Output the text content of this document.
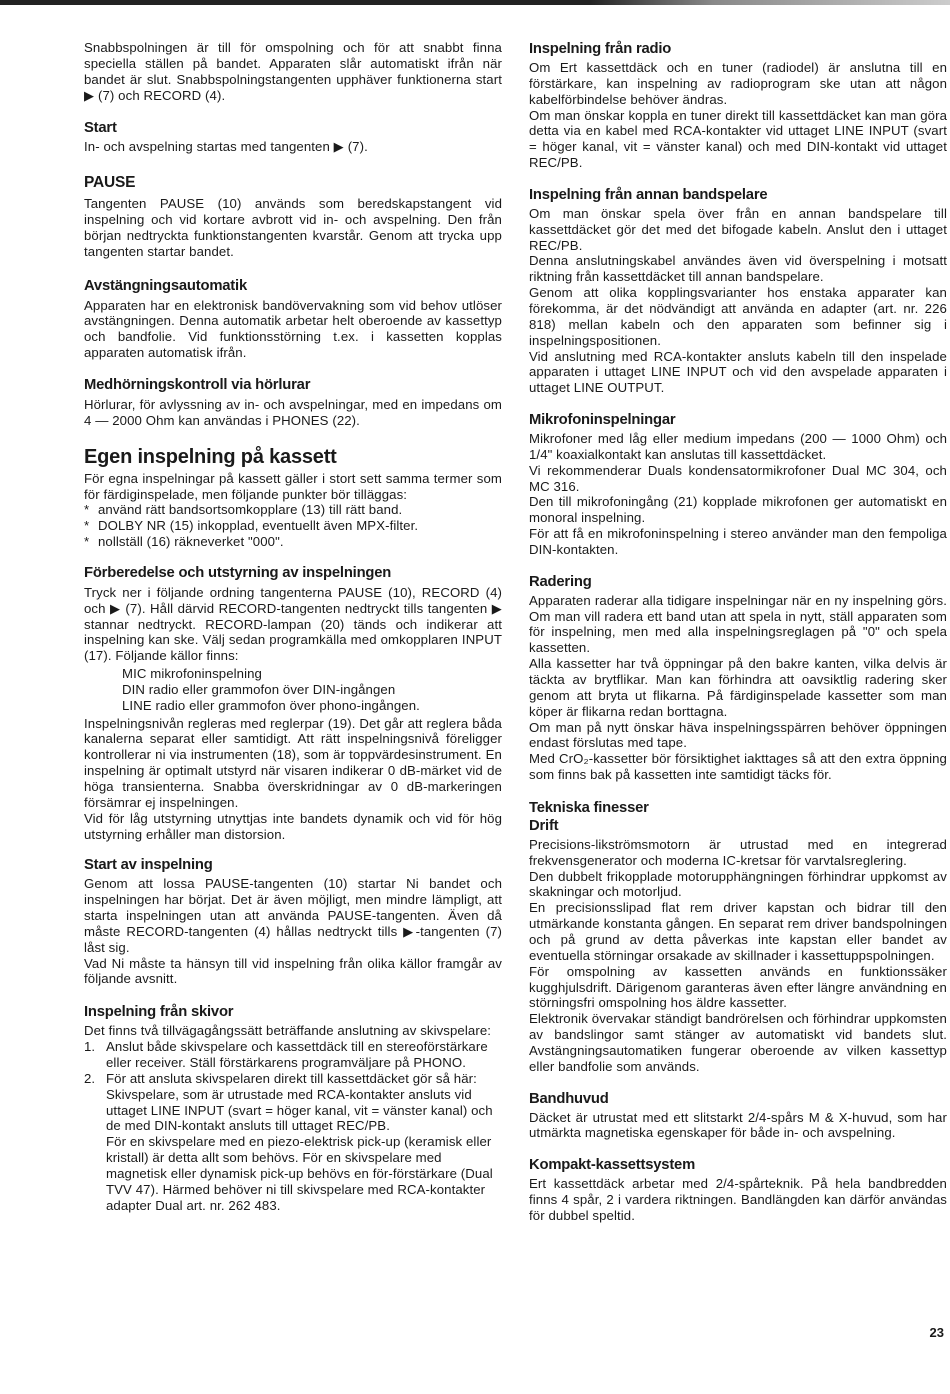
Snabbspolningen är till för omspolning och för att snabbt finna speciella ställen på bandet. Apparaten slår automatiskt ifrån när bandet är slut. Snabbspolningstangenten upphäver funktionerna start ▶ (7) och RECORD (4).

Start

In- och avspelning startas med tangenten ▶ (7).

PAUSE

Tangenten PAUSE (10) används som beredskapstangent vid inspelning och vid kortare avbrott vid in- och avspelning. Den från början nedtryckta funktionstangenten kvarstår. Genom att trycka upp tangenten startar bandet.

Avstängningsautomatik

Apparaten har en elektronisk bandövervakning som vid behov utlöser avstängningen. Denna automatik arbetar helt oberoende av kassettyp och bandfolie. Vid funktionsstörning t.ex. i kassetten kopplas apparaten automatisk ifrån.

Medhörningskontroll via hörlurar

Hörlurar, för avlyssning av in- och avspelningar, med en impedans om 4 — 2000 Ohm kan användas i PHONES (22).

Egen inspelning på kassett

För egna inspelningar på kassett gäller i stort sett samma termer som för färdiginspelade, men följande punkter bör tilläggas:

* använd rätt bandsortsomkopplare (13) till rätt band.
* DOLBY NR (15) inkopplad, eventuellt även MPX-filter.
* nollställ (16) räkneverket "000".
Förberedelse och utstyrning av inspelningen

Tryck ner i följande ordning tangenterna PAUSE (10), RECORD (4) och ▶ (7). Håll därvid RECORD-tangenten nedtryckt tills tangenten ▶ stannar nedtryckt. RECORD-lampan (20) tänds och indikerar att inspelning kan ske. Välj sedan programkälla med omkopplaren INPUT (17). Följande källor finns:

MIC mikrofoninspelning
DIN radio eller grammofon över DIN-ingången
LINE radio eller grammofon över phono-ingången.

Inspelningsnivån regleras med reglerpar (19). Det går att reglera båda kanalerna separat eller samtidigt. Att rätt inspelningsnivå föreligger kontrollerar ni via instrumenten (18), som är toppvärdesinstrument. En inspelning är optimalt utstyrd när visaren indikerar 0 dB-märket vid de höga transienterna. Snabba överskridningar av 0 dB-markeringen försämrar ej inspelningen.

Vid för låg utstyrning utnyttjas inte bandets dynamik och vid för hög utstyrning erhåller man distorsion.

Start av inspelning

Genom att lossa PAUSE-tangenten (10) startar Ni bandet och inspelningen har börjat. Det är även möjligt, men mindre lämpligt, att starta inspelningen utan att använda PAUSE-tangenten. Även då måste RECORD-tangenten (4) hållas nedtryckt tills ▶-tangenten (7) låst sig.

Vad Ni måste ta hänsyn till vid inspelning från olika källor framgår av följande avsnitt.

Inspelning från skivor

Det finns två tillvägagångssätt beträffande anslutning av skivspelare:

1. Anslut både skivspelare och kassettdäck till en stereoförstärkare eller receiver. Ställ förstärkarens programväljare på PHONO.

2. För att ansluta skivspelaren direkt till kassettdäcket gör så här:

Skivspelare, som är utrustade med RCA-kontakter ansluts vid uttaget LINE INPUT (svart = höger kanal, vit = vänster kanal) och de med DIN-kontakt ansluts till uttaget REC/PB.

För en skivspelare med en piezo-elektrisk pick-up (keramisk eller kristall) är detta allt som behövs. För en skivspelare med magnetisk eller dynamisk pick-up behövs en för-förstärkare (Dual TVV 47). Härmed behöver ni till skivspelare med RCA-kontakter adapter Dual art. nr. 262 483.

Inspelning från radio

Om Ert kassettdäck och en tuner (radiodel) är anslutna till en förstärkare, kan inspelning av radioprogram ske utan att någon kabelförbindelse behöver ändras.

Om man önskar koppla en tuner direkt till kassettdäcket kan man göra detta via en kabel med RCA-kontakter vid uttaget LINE INPUT (svart = höger kanal, vit = vänster kanal) och med DIN-kontakt vid uttaget REC/PB.

Inspelning från annan bandspelare

Om man önskar spela över från en annan bandspelare till kassettdäcket gör det med det bifogade kabeln. Anslut den i uttaget REC/PB.

Denna anslutningskabel användes även vid överspelning i motsatt riktning från kassettdäcket till annan bandspelare.

Genom att olika kopplingsvarianter hos enstaka apparater kan förekomma, är det nödvändigt att använda en adapter (art. nr. 226 818) mellan kabeln och den apparaten som befinner sig i inspelningspositionen.

Vid anslutning med RCA-kontakter ansluts kabeln till den inspelade apparaten i uttaget LINE INPUT och vid den avspelade apparaten i uttaget LINE OUTPUT.

Mikrofoninspelningar

Mikrofoner med låg eller medium impedans (200 — 1000 Ohm) och 1/4" koaxialkontakt kan anslutas till kassettdäcket.

Vi rekommenderar Duals kondensatormikrofoner Dual MC 304, och MC 316.

Den till mikrofoningång (21) kopplade mikrofonen ger automatiskt en monoral inspelning.

För att få en mikrofoninspelning i stereo använder man den fempoliga DIN-kontakten.

Radering

Apparaten raderar alla tidigare inspelningar när en ny inspelning görs. Om man vill radera ett band utan att spela in nytt, ställ apparaten som för inspelning, men med alla inspelningsreglagen på "0" och spela kassetten.

Alla kassetter har två öppningar på den bakre kanten, vilka delvis är täckta av brytflikar. Man kan förhindra att oavsiktlig radering sker genom att bryta ut flikarna. På färdiginspelade kassetter som man köper är flikarna redan borttagna.

Om man på nytt önskar häva inspelningsspärren behöver öppningen endast förslutas med tape.

Med CrO₂-kassetter bör försiktighet iakttages så att den extra öppning som finns bak på kassetten inte samtidigt täcks för.

Tekniska finesser
Drift

Precisions-likströmsmotorn är utrustad med en integrerad frekvensgenerator och moderna IC-kretsar för varvtalsreglering.

Den dubbelt frikopplade motorupphängningen förhindrar uppkomst av skakningar och motorljud.

En precisionsslipad flat rem driver kapstan och bidrar till den utmärkande konstanta gången. En separat rem driver bandspolningen och på grund av detta påverkas inte kapstan eller bandet av eventuella störningar orsakade av skillnader i kassettuppspolningen.

För omspolning av kassetten används en funktionssäker kugghjulsdrift. Därigenom garanteras även efter längre användning en störningsfri omspolning hos äldre kassetter.

Elektronik övervakar ständigt bandrörelsen och förhindrar uppkomsten av bandslingor samt stänger av automatiskt vid bandets slut. Avstängningsautomatiken fungerar oberoende av vilken kassettyp eller bandfolie som används.

Bandhuvud

Däcket är utrustat med ett slitstarkt 2/4-spårs M & X-huvud, som har utmärkta magnetiska egenskaper för både in- och avspelning.

Kompakt-kassettsystem

Ert kassettdäck arbetar med 2/4-spårteknik. På hela bandbredden finns 4 spår, 2 i vardera riktningen. Bandlängden kan därför användas för dubbel speltid.

23
